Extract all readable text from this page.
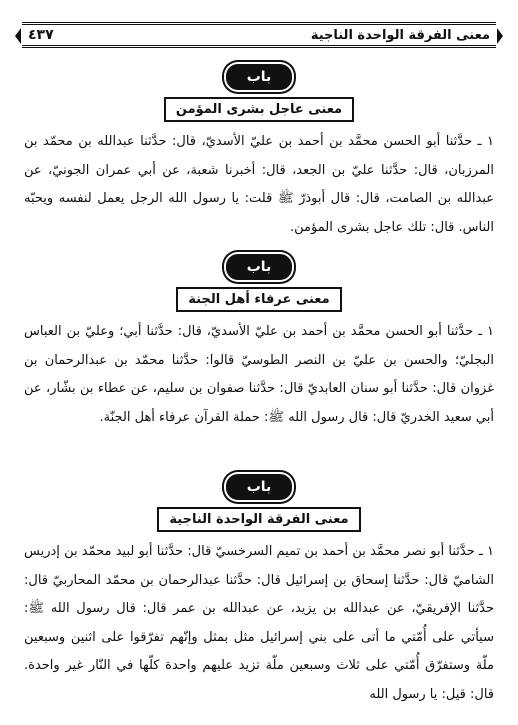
معنى الفرقة الواحدة الناجية
٤٣٧
باب
معنى عاجل بشرى المؤمن

١ ـ حدَّثنا أبو الحسن محمَّد بن أحمد بن عليّ الأسديّ، قال: حدَّثنا عبدالله بن محمّد بن المرزبان، قال: حدَّثنا عليّ بن الجعد، قال: أخبرنا شعبة، عن أبي عمران الجونيّ، عن عبدالله بن الصامت، قال: قال أبوذرّ ﷺ قلت: يا رسول الله الرجل يعمل لنفسه ويحبّه الناس. قال: تلك عاجل بشرى المؤمن.

باب
معنى عرفاء أهل الجنة

١ ـ حدَّثنا أبو الحسن محمَّد بن أحمد بن عليّ الأسديّ، قال: حدَّثنا أبي؛ وعليّ بن العباس البجليّ؛ والحسن بن عليّ بن النصر الطوسيّ قالوا: حدَّثنا محمّد بن عبدالرحمان بن غزوان قال: حدَّثنا أبو سنان العابديّ قال: حدَّثنا صفوان بن سليم، عن عطاء بن بشّار، عن أبي سعيد الخدريّ قال: قال رسول الله ﷺ: حملة القرآن عرفاء أهل الجنّة.

باب
معنى الفرقة الواحدة الناجية

١ ـ حدَّثنا أبو نصر محمَّد بن أحمد بن تميم السرخسيّ قال: حدَّثنا أبو لبيد محمّد بن إدريس الشاميّ قال: حدَّثنا إسحاق بن إسرائيل قال: حدَّثنا عبدالرحمان بن محمّد المحاربيّ قال: حدَّثنا الإفريقيّ، عن عبدالله بن يزيد، عن عبدالله بن عمر قال: قال رسول الله ﷺ: سيأتي على أُمّتي ما أتى على بني إسرائيل مثل بمثل وإنّهم تفرّقوا على اثنين وسبعين ملّة وستفرّق أُمّتي على ثلاث وسبعين ملّة تزيد عليهم واحدة كلّها في النّار غير واحدة. قال: قيل: يا رسول الله
